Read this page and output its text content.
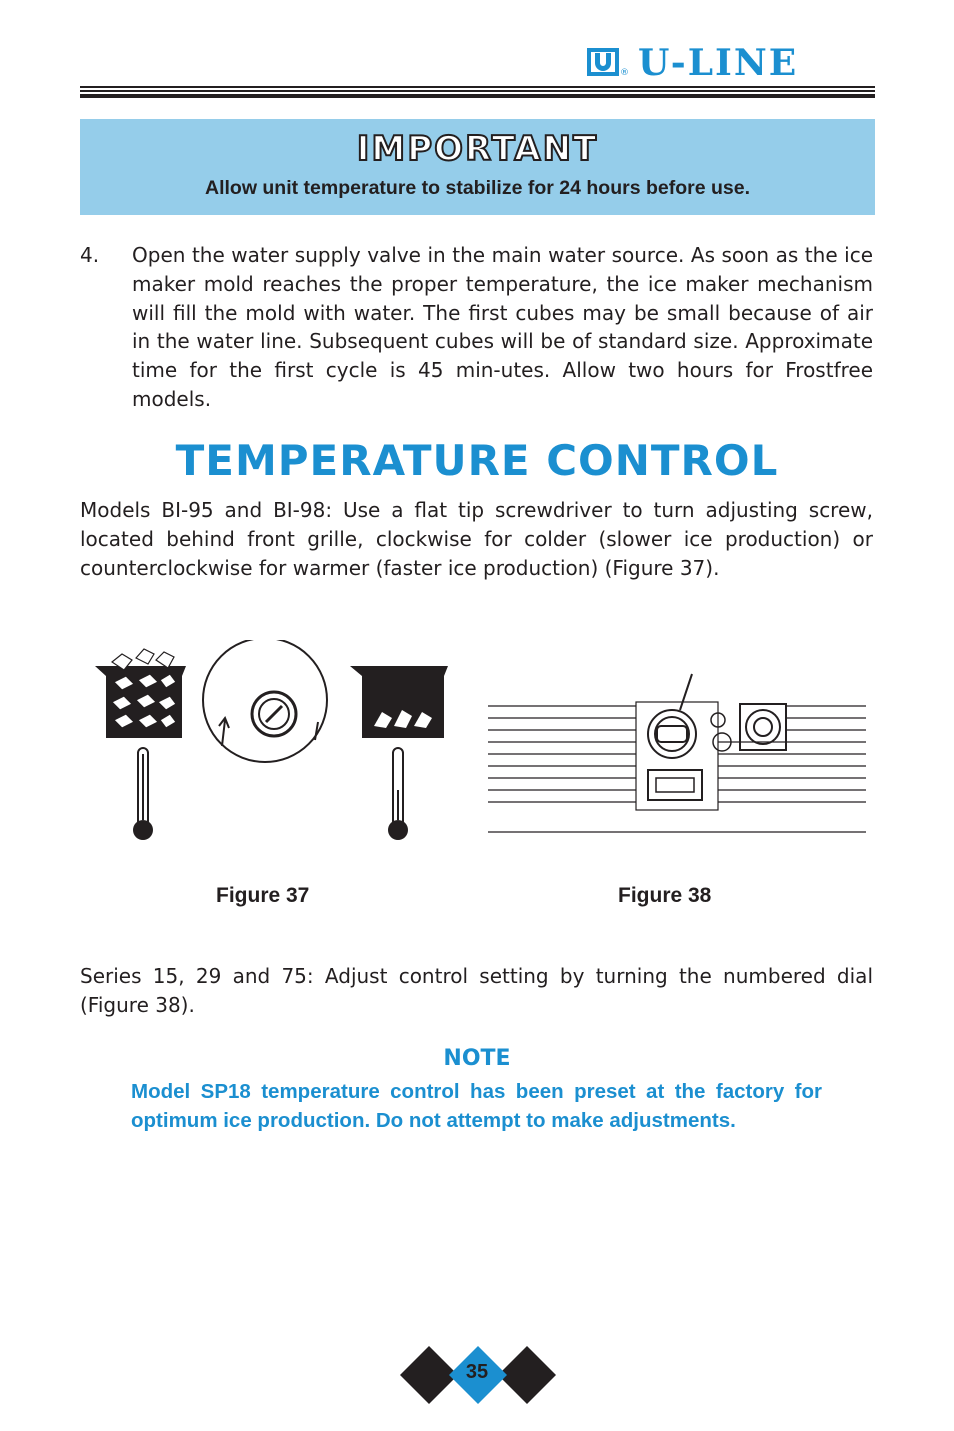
® U-LINE
IMPORTANT
Allow unit temperature to stabilize for 24 hours before use.
4. Open the water supply valve in the main water source. As soon as the ice maker mold reaches the proper temperature, the ice maker mechanism will fill the mold with water. The first cubes may be small because of air in the water line. Subsequent cubes will be of standard size. Approximate time for the first cycle is 45 min-utes. Allow two hours for Frostfree models.
TEMPERATURE CONTROL
Models BI-95 and BI-98: Use a flat tip screwdriver to turn adjusting screw, located behind front grille, clockwise for colder (slower ice production) or counterclockwise for warmer (faster ice production) (Figure 37).
Figure 37	Figure 38
Series 15, 29 and 75: Adjust control setting by turning the numbered dial (Figure 38).
NOTE
Model SP18 temperature control has been preset at the factory for optimum ice production. Do not attempt to make adjustments.
35
